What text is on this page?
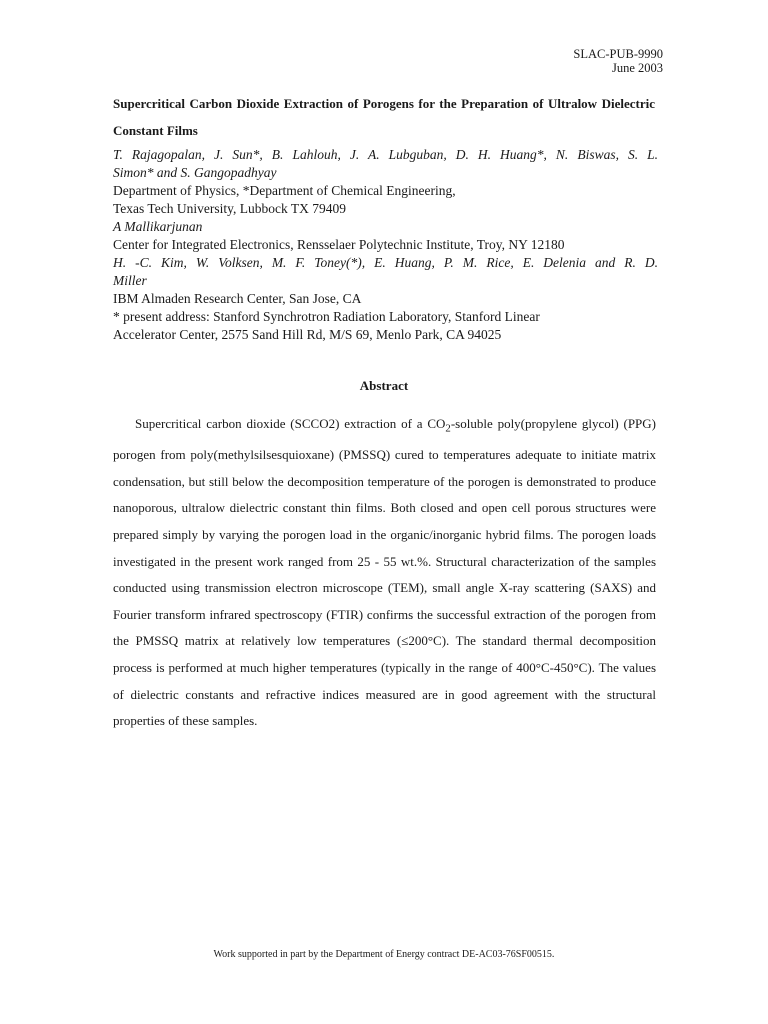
SLAC-PUB-9990
June 2003

Supercritical Carbon Dioxide Extraction of Porogens for the Preparation of Ultralow Dielectric Constant Films

T. Rajagopalan, J. Sun*, B. Lahlouh, J. A. Lubguban, D. H. Huang*, N. Biswas, S. L.
Simon* and S. Gangopadhyay
Department of Physics, *Department of Chemical Engineering,
Texas Tech University, Lubbock TX 79409
A Mallikarjunan
Center for Integrated Electronics, Rensselaer Polytechnic Institute, Troy, NY 12180
H. -C. Kim, W. Volksen, M. F. Toney(*), E. Huang, P. M. Rice, E. Delenia and R. D.
Miller
IBM Almaden Research Center, San Jose, CA
* present address: Stanford Synchrotron Radiation Laboratory, Stanford Linear
Accelerator Center, 2575 Sand Hill Rd, M/S 69, Menlo Park, CA 94025
Abstract

Supercritical carbon dioxide (SCCO2) extraction of a $CO_2$-soluble poly(propylene glycol) (PPG) porogen from poly(methylsilsesquioxane) (PMSSQ) cured to temperatures adequate to initiate matrix condensation, but still below the decomposition temperature of the porogen is demonstrated to produce nanoporous, ultralow dielectric constant thin films. Both closed and open cell porous structures were prepared simply by varying the porogen load in the organic/inorganic hybrid films. The porogen loads investigated in the present work ranged from 25 - 55 wt.%. Structural characterization of the samples conducted using transmission electron microscope (TEM), small angle X-ray scattering (SAXS) and Fourier transform infrared spectroscopy (FTIR) confirms the successful extraction of the porogen from the PMSSQ matrix at relatively low temperatures (≤200°C). The standard thermal decomposition process is performed at much higher temperatures (typically in the range of 400°C-450°C). The values of dielectric constants and refractive indices measured are in good agreement with the structural properties of these samples.

Work supported in part by the Department of Energy contract DE-AC03-76SF00515.
